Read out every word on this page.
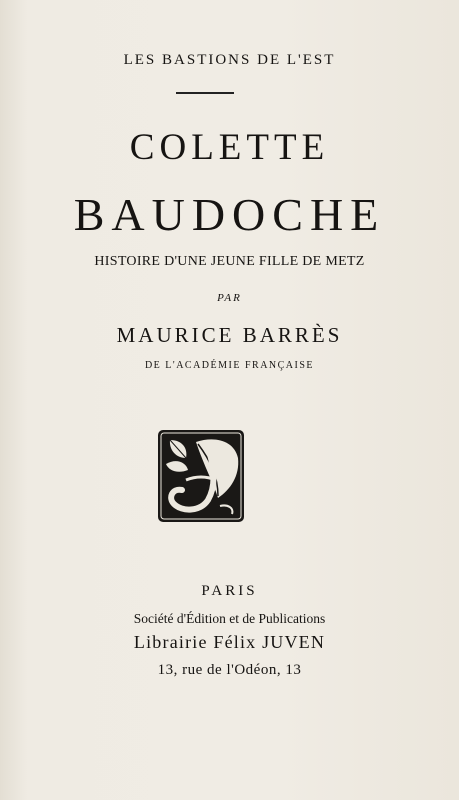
LES BASTIONS DE L'EST
COLETTE
BAUDOCHE
HISTOIRE D'UNE JEUNE FILLE DE METZ
PAR
MAURICE BARRÈS
DE L'ACADÉMIE FRANÇAISE
PARIS
Société d'Édition et de Publications
Librairie Félix JUVEN
13, rue de l'Odéon, 13
